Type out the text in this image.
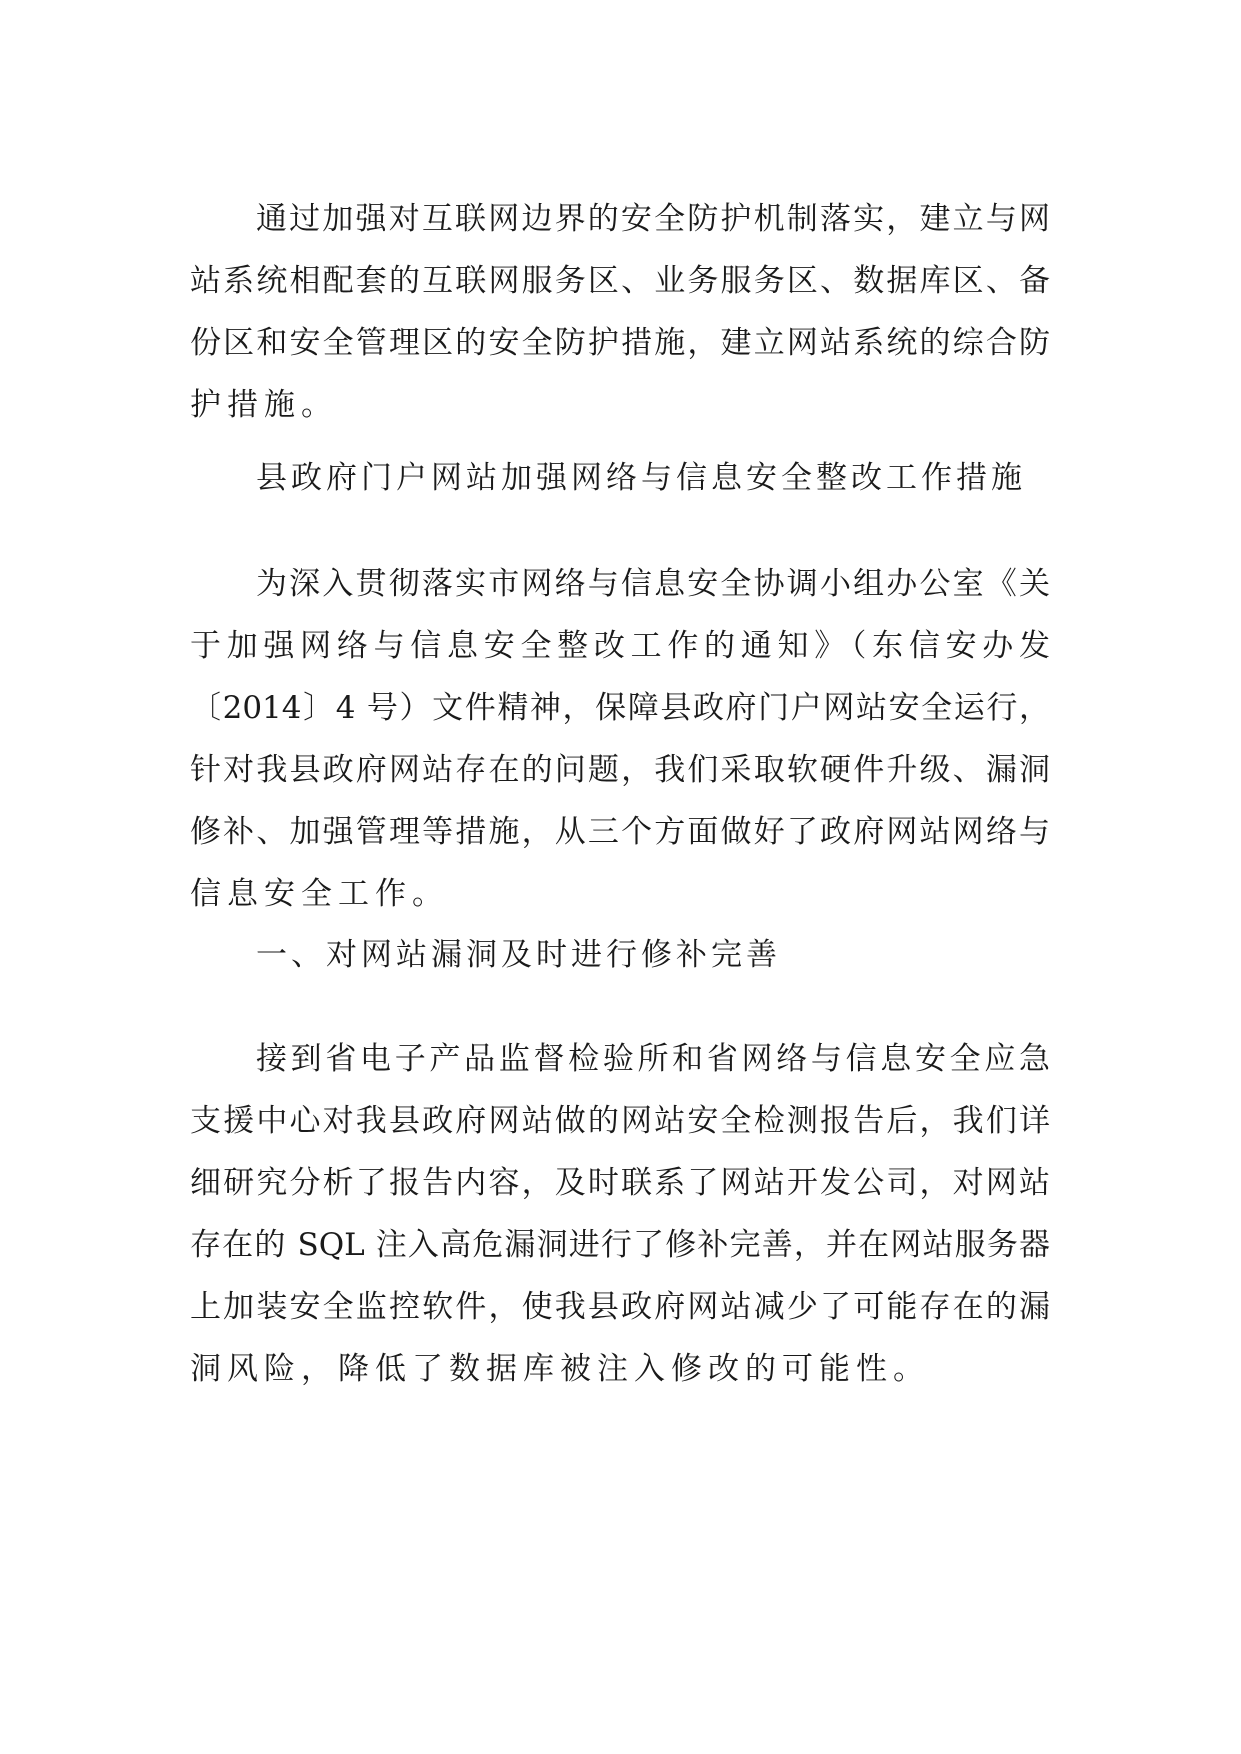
通过加强对互联网边界的安全防护机制落实，建立与网
站系统相配套的互联网服务区、业务服务区、数据库区、备
份区和安全管理区的安全防护措施，建立网站系统的综合防
护措施。
县政府门户网站加强网络与信息安全整改工作措施
为深入贯彻落实市网络与信息安全协调小组办公室《关
于加强网络与信息安全整改工作的通知》（东信安办发
〔2014〕4 号）文件精神，保障县政府门户网站安全运行，
针对我县政府网站存在的问题，我们采取软硬件升级、漏洞
修补、加强管理等措施，从三个方面做好了政府网站网络与
信息安全工作。
一、对网站漏洞及时进行修补完善
接到省电子产品监督检验所和省网络与信息安全应急
支援中心对我县政府网站做的网站安全检测报告后，我们详
细研究分析了报告内容，及时联系了网站开发公司，对网站
存在的 SQL 注入高危漏洞进行了修补完善，并在网站服务器
上加装安全监控软件，使我县政府网站减少了可能存在的漏
洞风险，降低了数据库被注入修改的可能性。
